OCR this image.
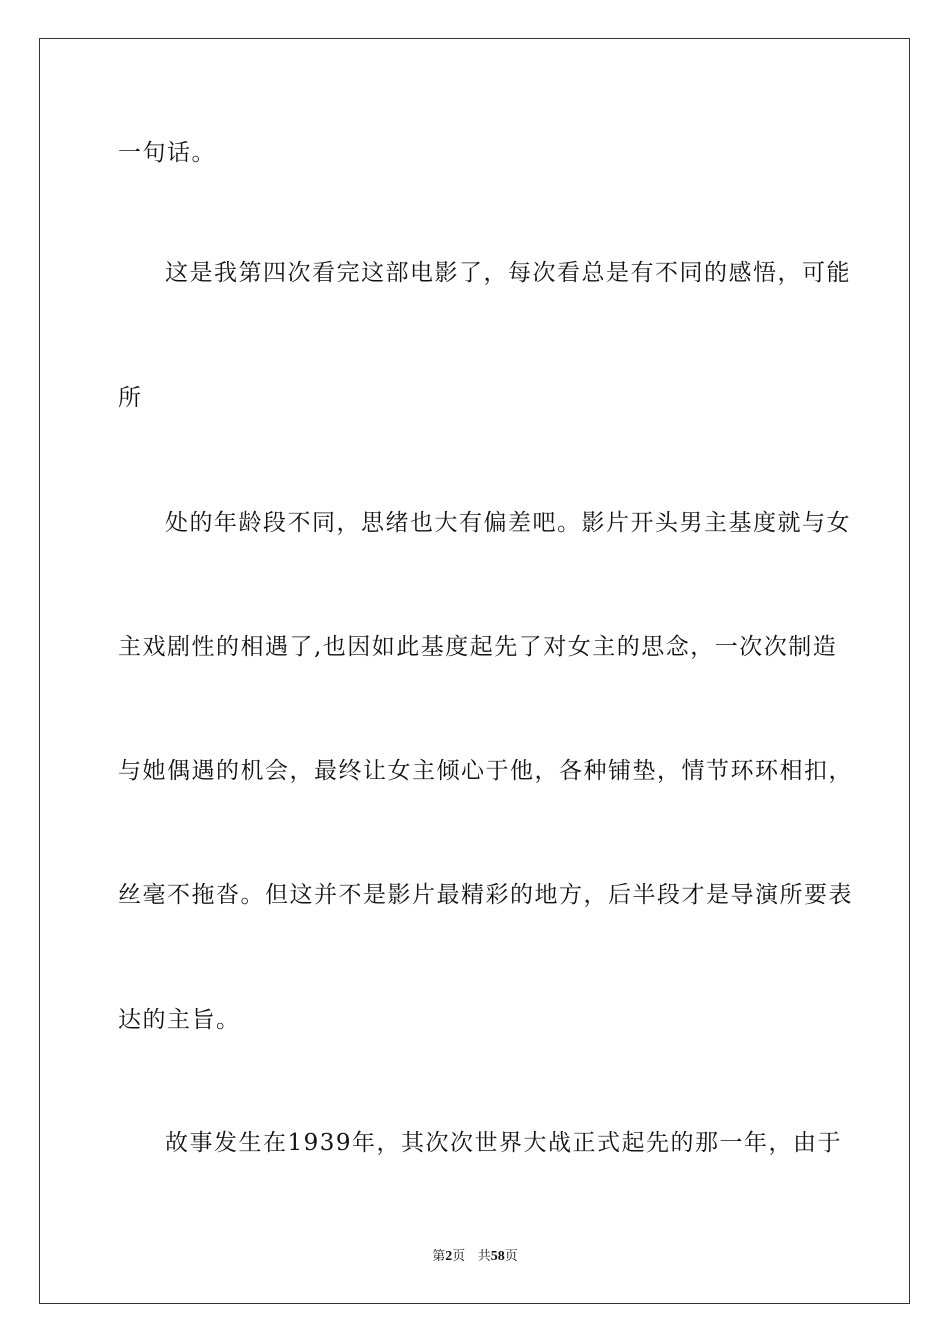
一句话。
这是我第四次看完这部电影了，每次看总是有不同的感悟，可能
所
处的年龄段不同，思绪也大有偏差吧。影片开头男主基度就与女
主戏剧性的相遇了,也因如此基度起先了对女主的思念，一次次制造
与她偶遇的机会，最终让女主倾心于他，各种铺垫，情节环环相扣，
丝毫不拖沓。但这并不是影片最精彩的地方，后半段才是导演所要表
达的主旨。
故事发生在1939年，其次次世界大战正式起先的那一年，由于
第2页 共58页
